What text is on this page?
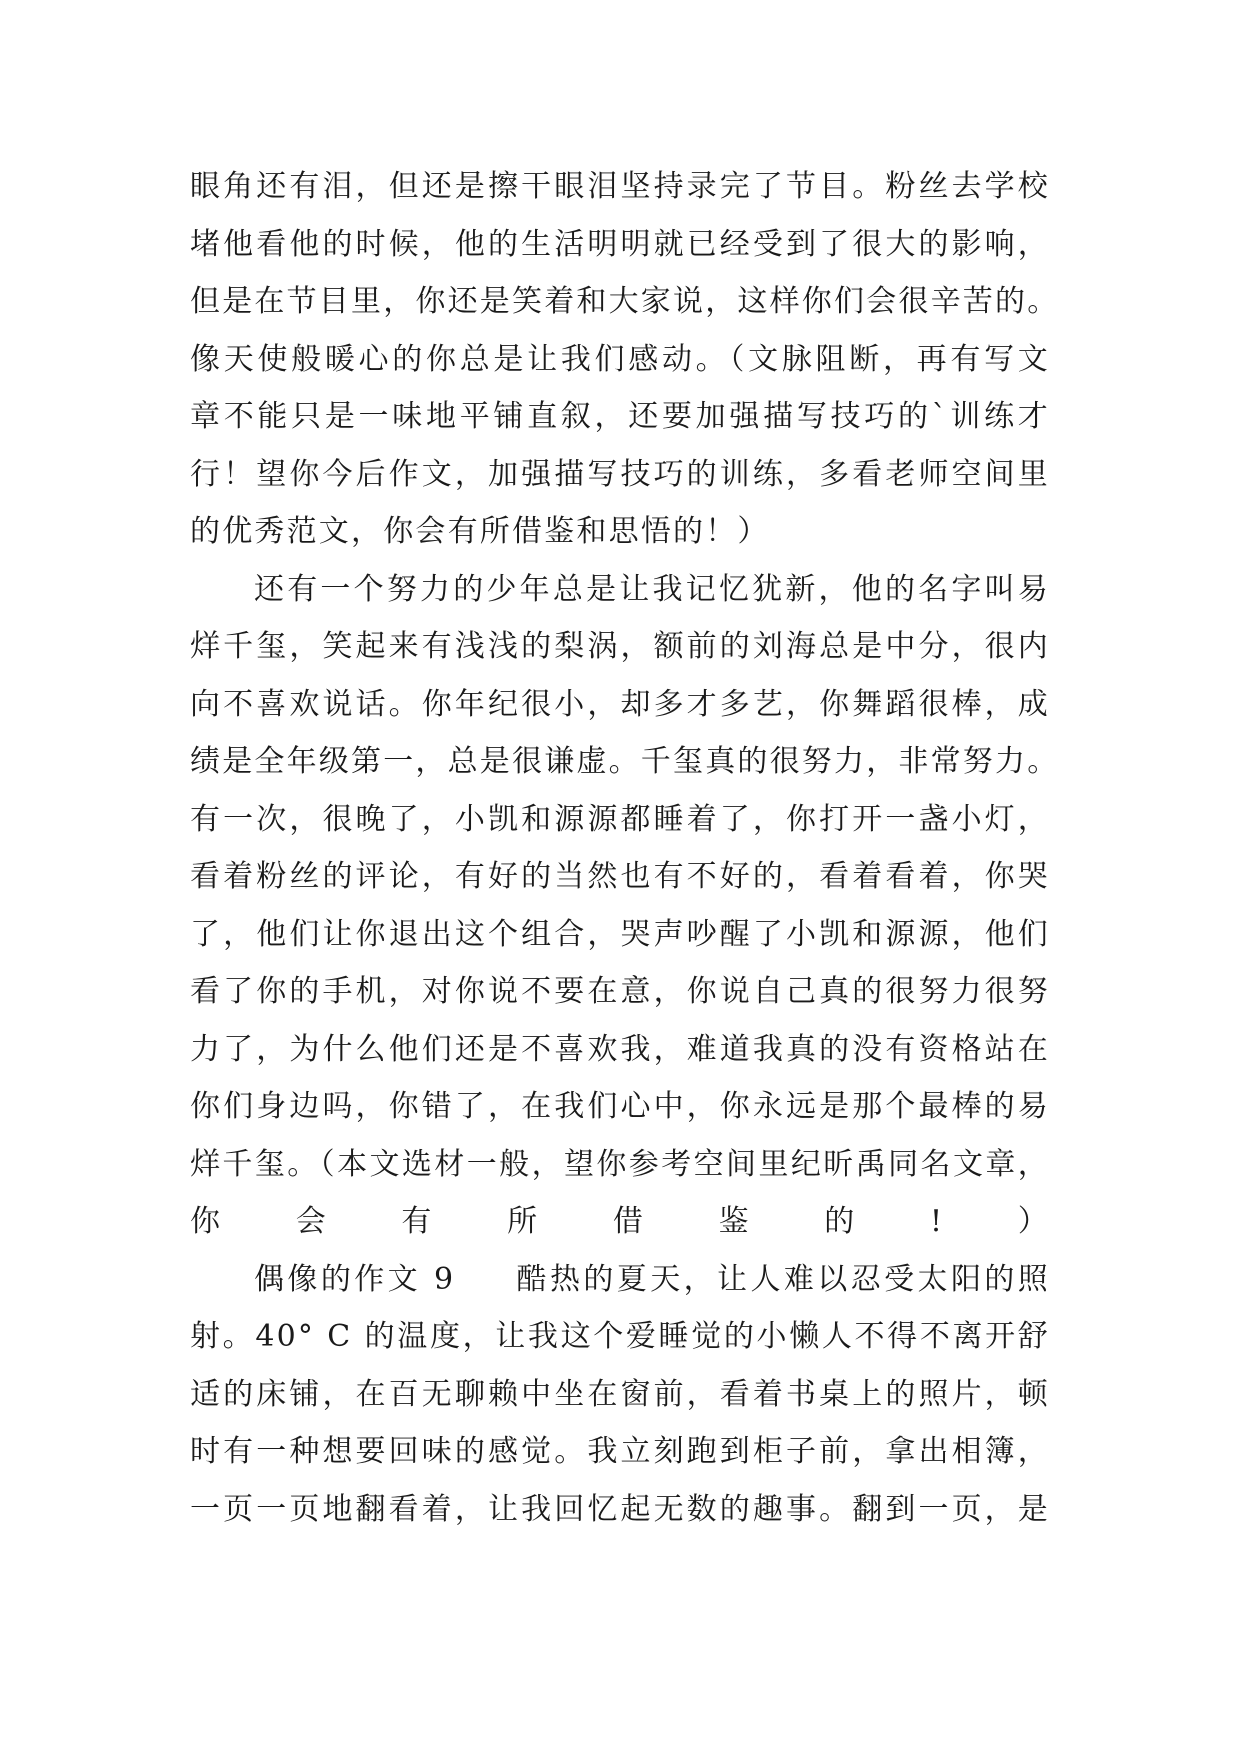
眼角还有泪，但还是擦干眼泪坚持录完了节目。粉丝去学校
堵他看他的时候，他的生活明明就已经受到了很大的影响，
但是在节目里，你还是笑着和大家说，这样你们会很辛苦的。
像天使般暖心的你总是让我们感动。（文脉阻断，再有写文
章不能只是一味地平铺直叙，还要加强描写技巧的`训练才
行！望你今后作文，加强描写技巧的训练，多看老师空间里
的优秀范文，你会有所借鉴和思悟的！）

还有一个努力的少年总是让我记忆犹新，他的名字叫易
烊千玺，笑起来有浅浅的梨涡，额前的刘海总是中分，很内
向不喜欢说话。你年纪很小，却多才多艺，你舞蹈很棒，成
绩是全年级第一，总是很谦虚。千玺真的很努力，非常努力。
有一次，很晚了，小凯和源源都睡着了，你打开一盏小灯，
看着粉丝的评论，有好的当然也有不好的，看着看着，你哭
了，他们让你退出这个组合，哭声吵醒了小凯和源源，他们
看了你的手机，对你说不要在意，你说自己真的很努力很努
力了，为什么他们还是不喜欢我，难道我真的没有资格站在
你们身边吗，你错了，在我们心中，你永远是那个最棒的易
烊千玺。（本文选材一般，望你参考空间里纪昕禹同名文章，
你会有所借鉴的!）

偶像的作文 9 酷热的夏天，让人难以忍受太阳的照
射。40° C 的温度，让我这个爱睡觉的小懒人不得不离开舒
适的床铺，在百无聊赖中坐在窗前，看着书桌上的照片，顿
时有一种想要回味的感觉。我立刻跑到柜子前，拿出相簿，
一页一页地翻看着，让我回忆起无数的趣事。翻到一页，是
